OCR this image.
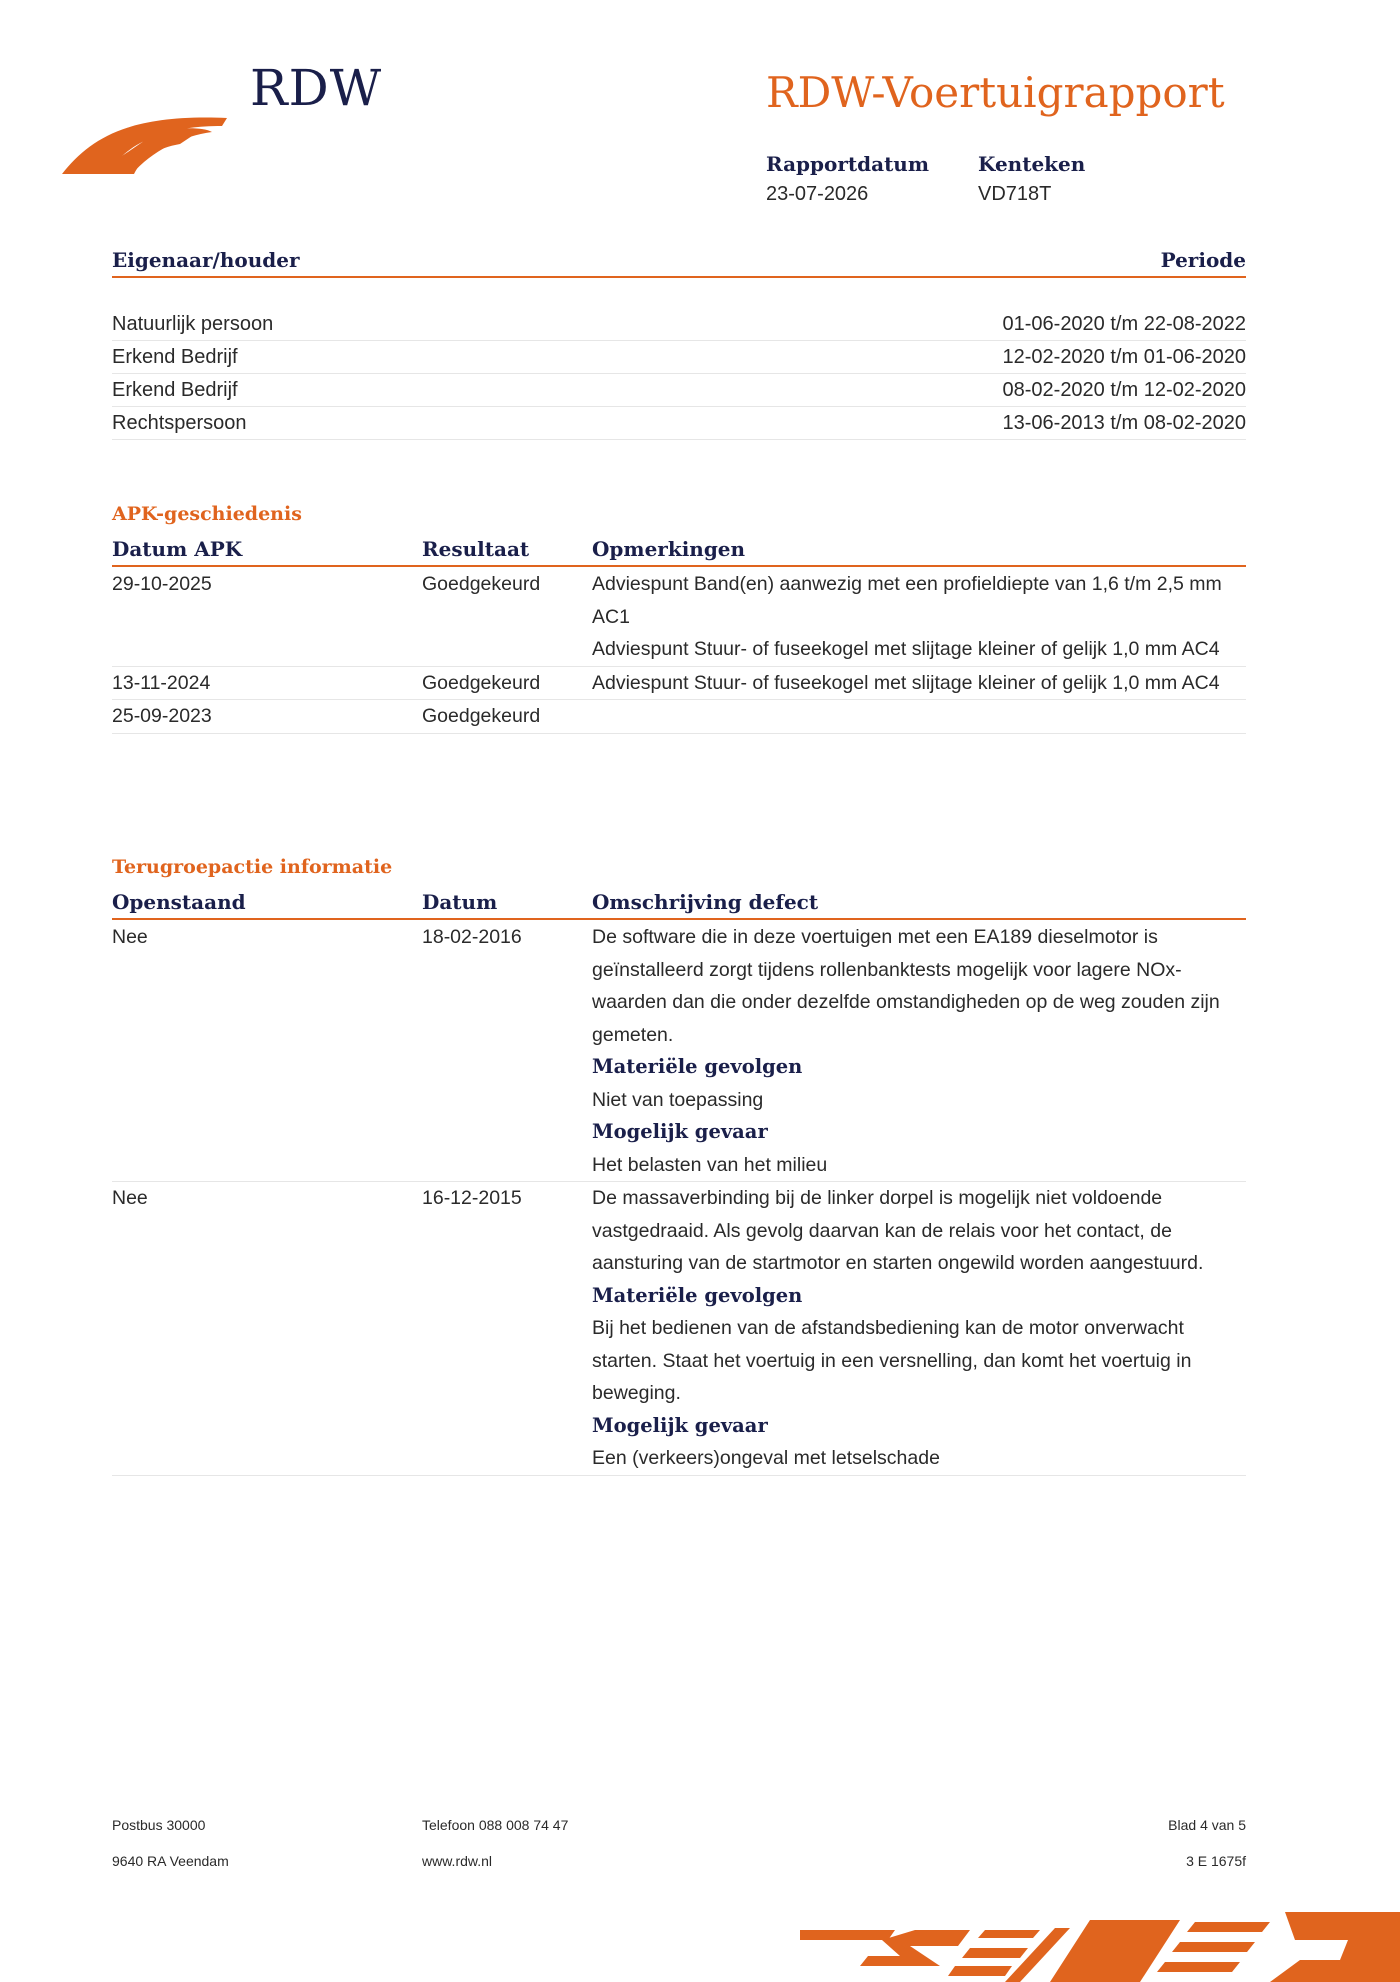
RDW	RDW-Voertuigrapport
Rapportdatum
23-07-2026
Kenteken
VD718T
Eigenaar/houder	Periode
Natuurlijk persoon	01-06-2020 t/m 22-08-2022
Erkend Bedrijf	12-02-2020 t/m 01-06-2020
Erkend Bedrijf	08-02-2020 t/m 12-02-2020
Rechtspersoon	13-06-2013 t/m 08-02-2020
APK-geschiedenis
Datum APK	Resultaat	Opmerkingen
29-10-2025	Goedgekeurd	Adviespunt Band(en) aanwezig met een profieldiepte van 1,6 t/m 2,5 mm AC1

Adviespunt Stuur- of fuseekogel met slijtage kleiner of gelijk 1,0 mm AC4

13-11-2024	Goedgekeurd	Adviespunt Stuur- of fuseekogel met slijtage kleiner of gelijk 1,0 mm AC4

25-09-2023	Goedgekeurd

Terugroepactie informatie
Openstaand	Datum	Omschrijving defect
Nee	18-02-2016	De software die in deze voertuigen met een EA189 dieselmotor is geïnstalleerd zorgt tijdens rollenbanktests mogelijk voor lagere NOx-waarden dan die onder dezelfde omstandigheden op de weg zouden zijn gemeten.

Materiële gevolgen

Niet van toepassing

Mogelijk gevaar

Het belasten van het milieu

Nee	16-12-2015	De massaverbinding bij de linker dorpel is mogelijk niet voldoende vastgedraaid. Als gevolg daarvan kan de relais voor het contact, de aansturing van de startmotor en starten ongewild worden aangestuurd.

Materiële gevolgen

Bij het bedienen van de afstandsbediening kan de motor onverwacht starten. Staat het voertuig in een versnelling, dan komt het voertuig in beweging.

Mogelijk gevaar

Een (verkeers)ongeval met letselschade

Postbus 30000
9640 RA Veendam
Telefoon 088 008 74 47
www.rdw.nl
Blad 4 van 5
3 E 1675f
